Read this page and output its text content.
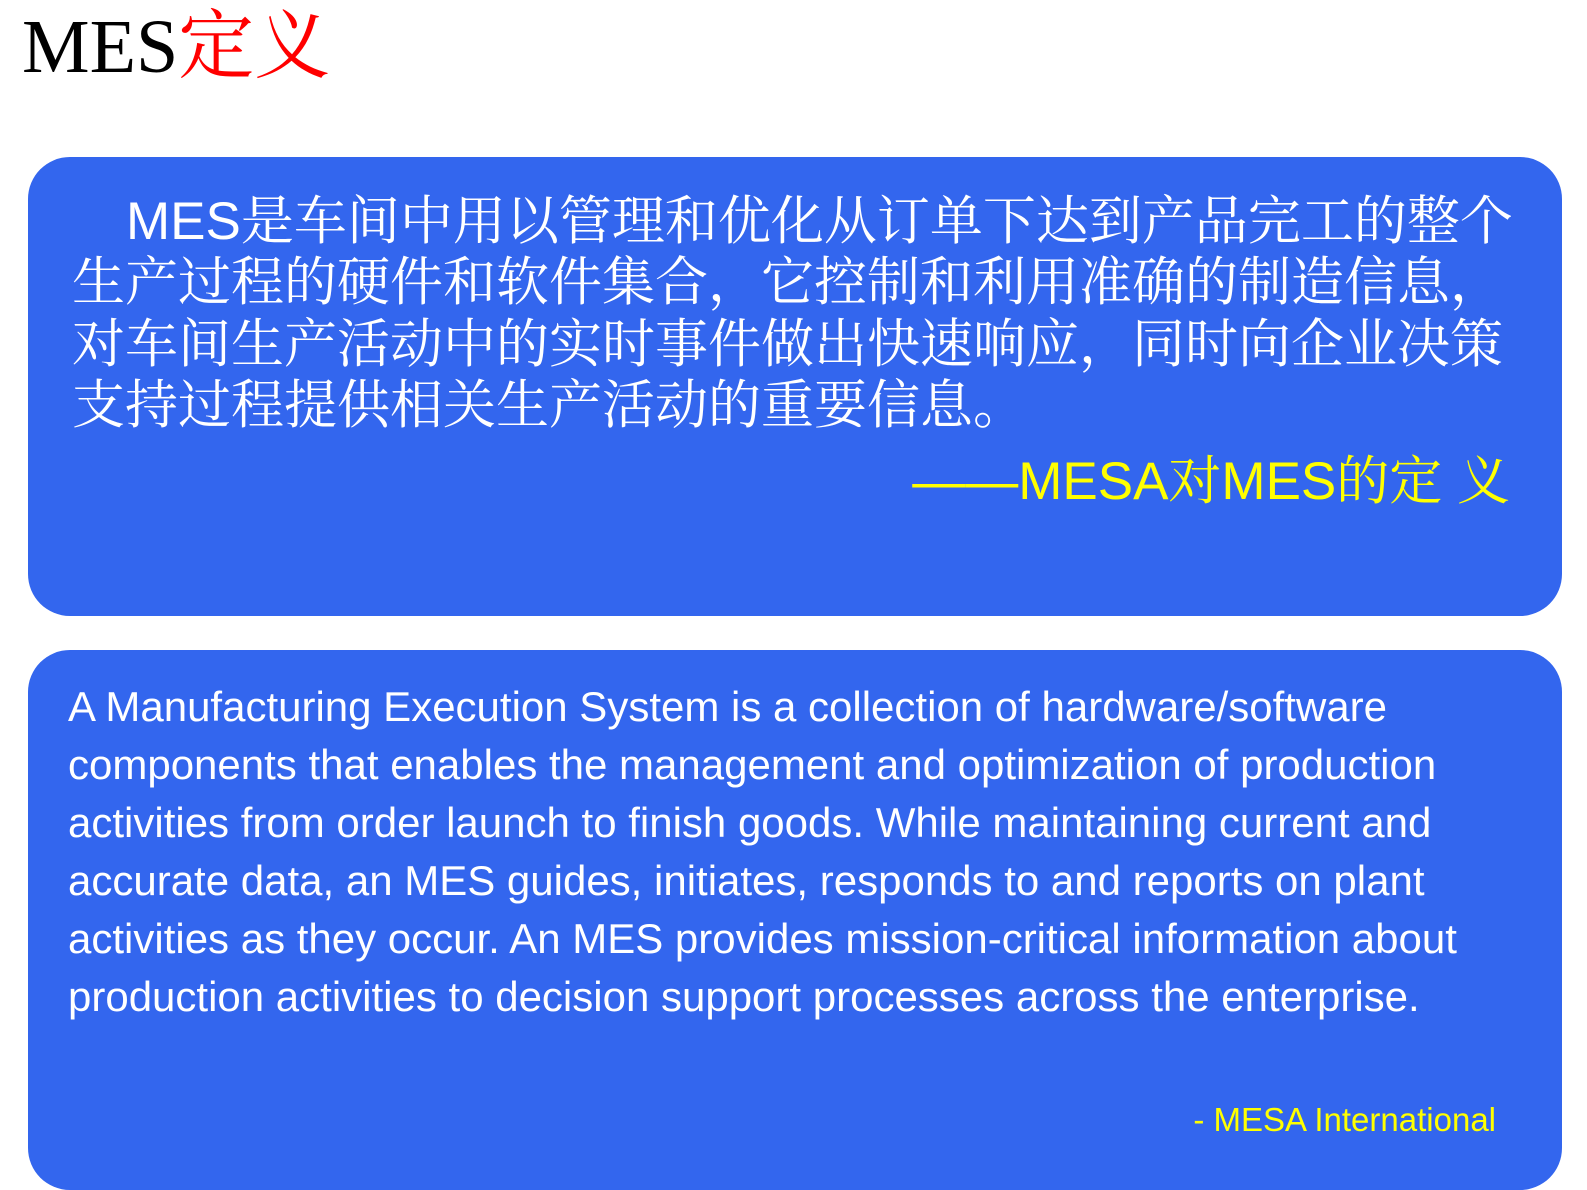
MES定义

MES是车间中用以管理和优化从订单下达到产品完工的整个生产过程的硬件和软件集合，它控制和利用准确的制造信息，对车间生产活动中的实时事件做出快速响应，同时向企业决策支持过程提供相关生产活动的重要信息。

——MESA对MES的定 义

A Manufacturing Execution System is a collection of hardware/software components that enables the management and optimization of production activities from order launch to finish goods. While maintaining current and accurate data, an MES guides, initiates, responds to and reports on plant activities as they occur. An MES provides mission-critical information about production activities to decision support processes across the enterprise.

- MESA International
